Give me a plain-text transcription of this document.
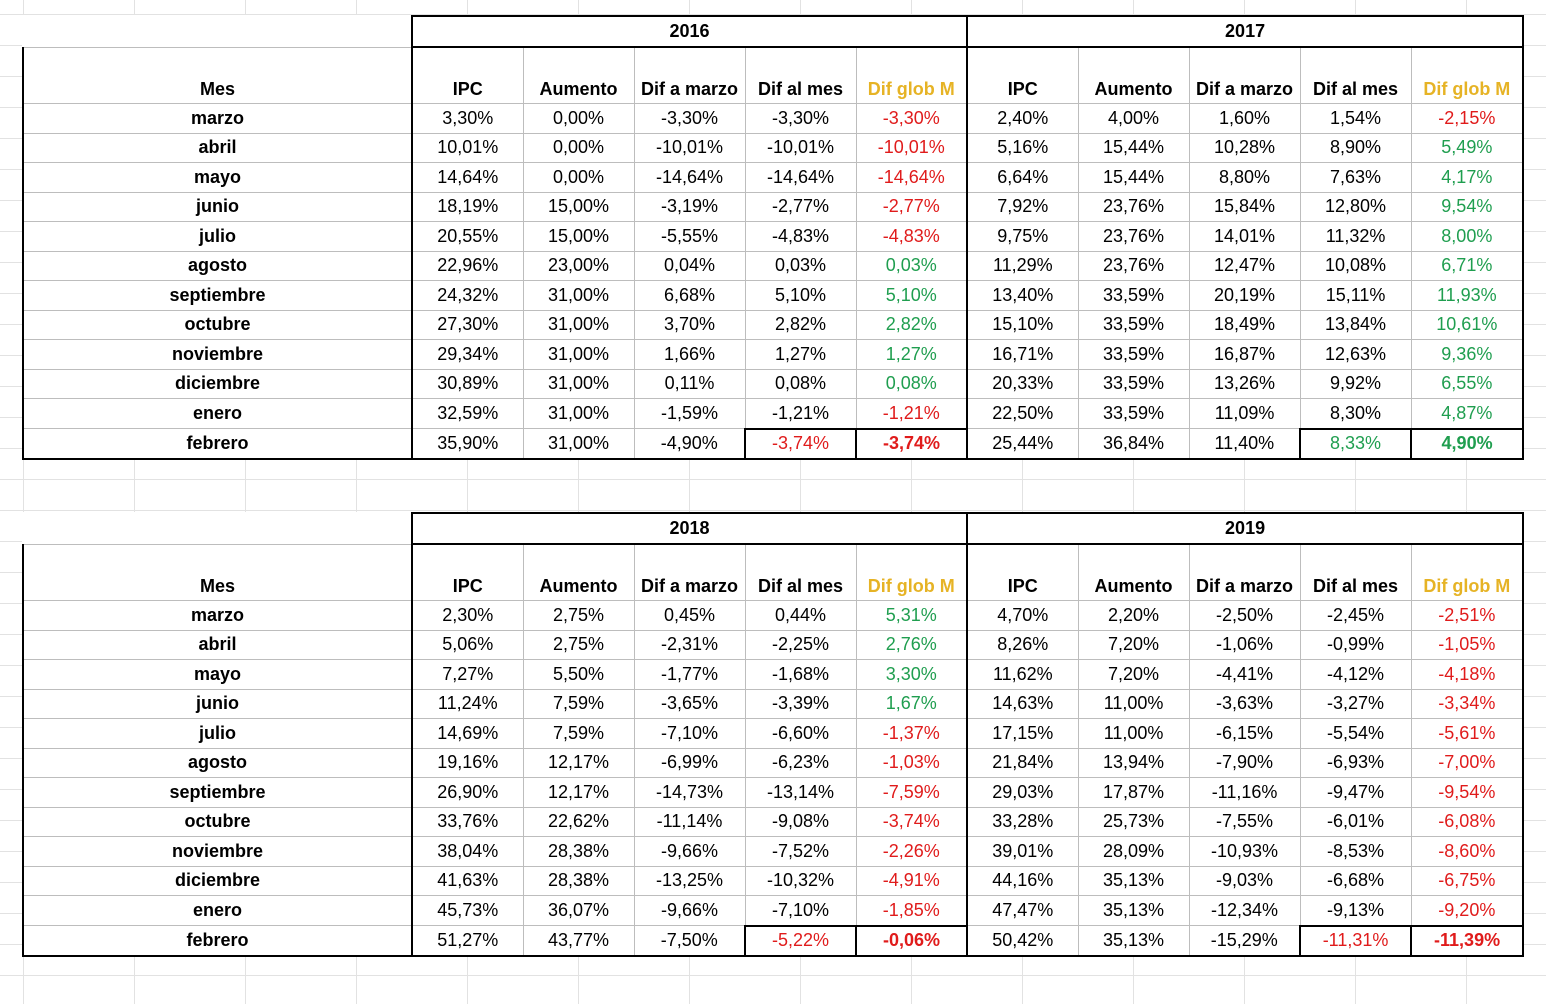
	2016					2017				
Mes	IPC	Aumento	Dif a marzo	Dif al mes	Dif glob M	IPC	Aumento	Dif a marzo	Dif al mes	Dif glob M
marzo	3,30%	0,00%	-3,30%	-3,30%	-3,30%	2,40%	4,00%	1,60%	1,54%	-2,15%
abril	10,01%	0,00%	-10,01%	-10,01%	-10,01%	5,16%	15,44%	10,28%	8,90%	5,49%
mayo	14,64%	0,00%	-14,64%	-14,64%	-14,64%	6,64%	15,44%	8,80%	7,63%	4,17%
junio	18,19%	15,00%	-3,19%	-2,77%	-2,77%	7,92%	23,76%	15,84%	12,80%	9,54%
julio	20,55%	15,00%	-5,55%	-4,83%	-4,83%	9,75%	23,76%	14,01%	11,32%	8,00%
agosto	22,96%	23,00%	0,04%	0,03%	0,03%	11,29%	23,76%	12,47%	10,08%	6,71%
septiembre	24,32%	31,00%	6,68%	5,10%	5,10%	13,40%	33,59%	20,19%	15,11%	11,93%
octubre	27,30%	31,00%	3,70%	2,82%	2,82%	15,10%	33,59%	18,49%	13,84%	10,61%
noviembre	29,34%	31,00%	1,66%	1,27%	1,27%	16,71%	33,59%	16,87%	12,63%	9,36%
diciembre	30,89%	31,00%	0,11%	0,08%	0,08%	20,33%	33,59%	13,26%	9,92%	6,55%
enero	32,59%	31,00%	-1,59%	-1,21%	-1,21%	22,50%	33,59%	11,09%	8,30%	4,87%
febrero	35,90%	31,00%	-4,90%	-3,74%	-3,74%	25,44%	36,84%	11,40%	8,33%	4,90%
	2018					2019				
Mes	IPC	Aumento	Dif a marzo	Dif al mes	Dif glob M	IPC	Aumento	Dif a marzo	Dif al mes	Dif glob M
marzo	2,30%	2,75%	0,45%	0,44%	5,31%	4,70%	2,20%	-2,50%	-2,45%	-2,51%
abril	5,06%	2,75%	-2,31%	-2,25%	2,76%	8,26%	7,20%	-1,06%	-0,99%	-1,05%
mayo	7,27%	5,50%	-1,77%	-1,68%	3,30%	11,62%	7,20%	-4,41%	-4,12%	-4,18%
junio	11,24%	7,59%	-3,65%	-3,39%	1,67%	14,63%	11,00%	-3,63%	-3,27%	-3,34%
julio	14,69%	7,59%	-7,10%	-6,60%	-1,37%	17,15%	11,00%	-6,15%	-5,54%	-5,61%
agosto	19,16%	12,17%	-6,99%	-6,23%	-1,03%	21,84%	13,94%	-7,90%	-6,93%	-7,00%
septiembre	26,90%	12,17%	-14,73%	-13,14%	-7,59%	29,03%	17,87%	-11,16%	-9,47%	-9,54%
octubre	33,76%	22,62%	-11,14%	-9,08%	-3,74%	33,28%	25,73%	-7,55%	-6,01%	-6,08%
noviembre	38,04%	28,38%	-9,66%	-7,52%	-2,26%	39,01%	28,09%	-10,93%	-8,53%	-8,60%
diciembre	41,63%	28,38%	-13,25%	-10,32%	-4,91%	44,16%	35,13%	-9,03%	-6,68%	-6,75%
enero	45,73%	36,07%	-9,66%	-7,10%	-1,85%	47,47%	35,13%	-12,34%	-9,13%	-9,20%
febrero	51,27%	43,77%	-7,50%	-5,22%	-0,06%	50,42%	35,13%	-15,29%	-11,31%	-11,39%
